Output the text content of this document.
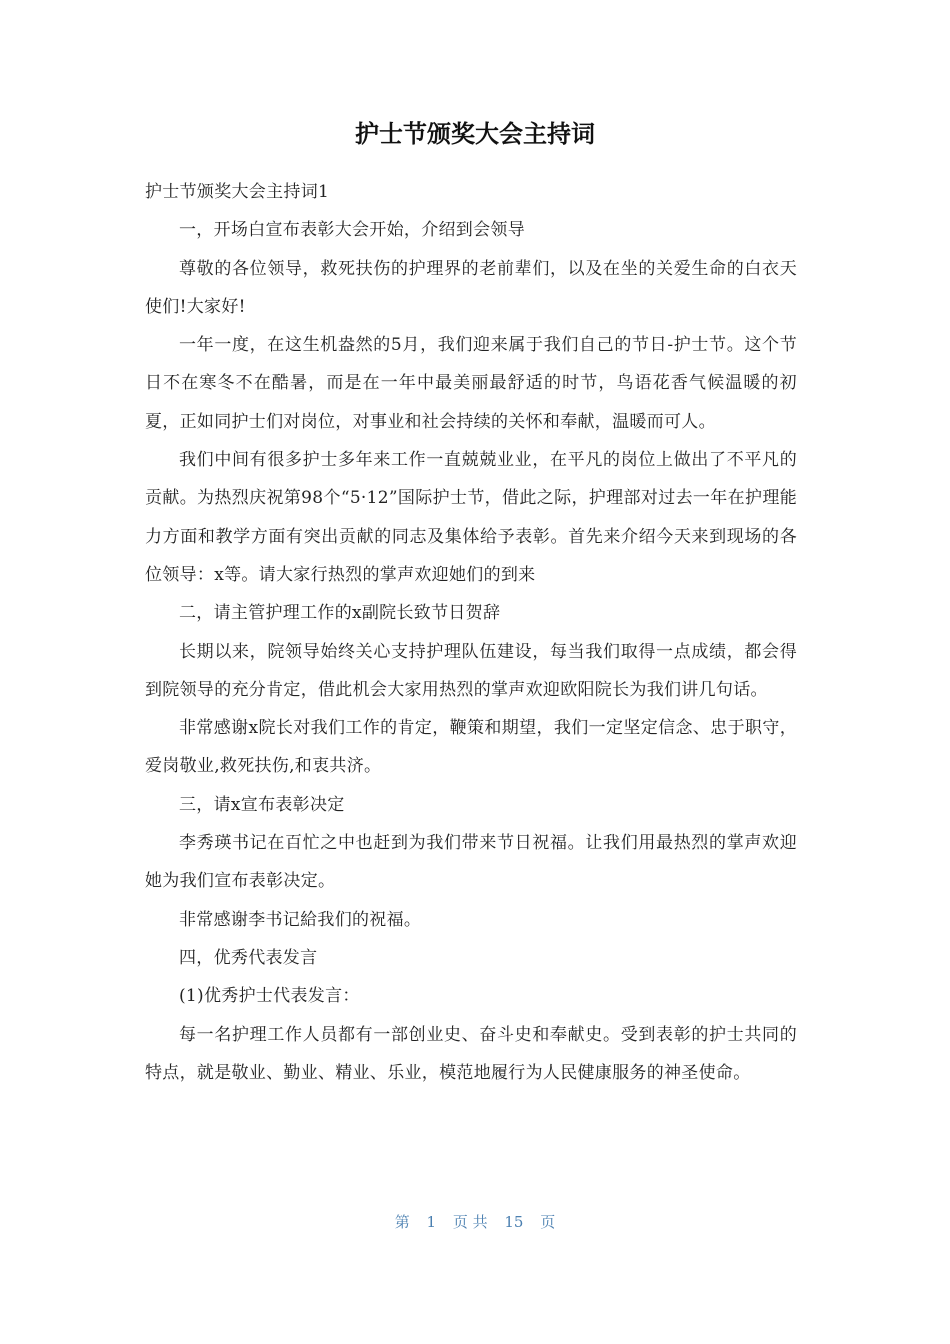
护士节颁奖大会主持词

护士节颁奖大会主持词1

一，开场白宣布表彰大会开始，介绍到会领导

尊敬的各位领导，救死扶伤的护理界的老前辈们，以及在坐的关爱生命的白衣天使们!大家好!

一年一度，在这生机盎然的5月，我们迎来属于我们自己的节日-护士节。这个节日不在寒冬不在酷暑，而是在一年中最美丽最舒适的时节，鸟语花香气候温暖的初夏，正如同护士们对岗位，对事业和社会持续的关怀和奉献，温暖而可人。

我们中间有很多护士多年来工作一直兢兢业业，在平凡的岗位上做出了不平凡的贡献。为热烈庆祝第98个“5·12”国际护士节，借此之际，护理部对过去一年在护理能力方面和教学方面有突出贡献的同志及集体给予表彰。首先来介绍今天来到现场的各位领导：x等。请大家行热烈的掌声欢迎她们的到来

二，请主管护理工作的x副院长致节日贺辞

长期以来，院领导始终关心支持护理队伍建设，每当我们取得一点成绩，都会得到院领导的充分肯定，借此机会大家用热烈的掌声欢迎欧阳院长为我们讲几句话。

非常感谢x院长对我们工作的肯定，鞭策和期望，我们一定坚定信念、忠于职守，爱岗敬业,救死扶伤,和衷共济。

三，请x宣布表彰决定

李秀瑛书记在百忙之中也赶到为我们带来节日祝福。让我们用最热烈的掌声欢迎她为我们宣布表彰决定。

非常感谢李书记給我们的祝福。

四，优秀代表发言

(1)优秀护士代表发言：

每一名护理工作人员都有一部创业史、奋斗史和奉献史。受到表彰的护士共同的特点，就是敬业、勤业、精业、乐业，模范地履行为人民健康服务的神圣使命。

第 1 页 共 15 页
